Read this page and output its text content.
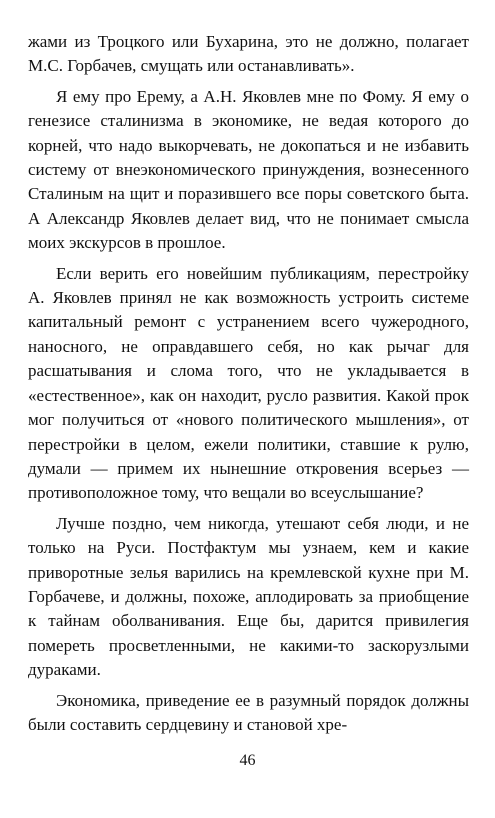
жами из Троцкого или Бухарина, это не должно, полагает М.С. Горбачев, смущать или останавливать».

Я ему про Ерему, а А.Н. Яковлев мне по Фому. Я ему о генезисе сталинизма в экономике, не ведая которого до корней, что надо выкорчевать, не докопаться и не избавить систему от внеэкономического принуждения, вознесенного Сталиным на щит и поразившего все поры советского быта. А Александр Яковлев делает вид, что не понимает смысла моих экскурсов в прошлое.

Если верить его новейшим публикациям, перестройку А. Яковлев принял не как возможность устроить системе капитальный ремонт с устранением всего чужеродного, наносного, не оправдавшего себя, но как рычаг для расшатывания и слома того, что не укладывается в «естественное», как он находит, русло развития. Какой прок мог получиться от «нового политического мышления», от перестройки в целом, ежели политики, ставшие к рулю, думали — примем их нынешние откровения всерьез — противоположное тому, что вещали во всеуслышание?

Лучше поздно, чем никогда, утешают себя люди, и не только на Руси. Постфактум мы узнаем, кем и какие приворотные зелья варились на кремлевской кухне при М. Горбачеве, и должны, похоже, аплодировать за приобщение к тайнам оболванивания. Еще бы, дарится привилегия помереть просветленными, не какими-то заскорузлыми дураками.

Экономика, приведение ее в разумный порядок должны были составить сердцевину и становой хре-

46
